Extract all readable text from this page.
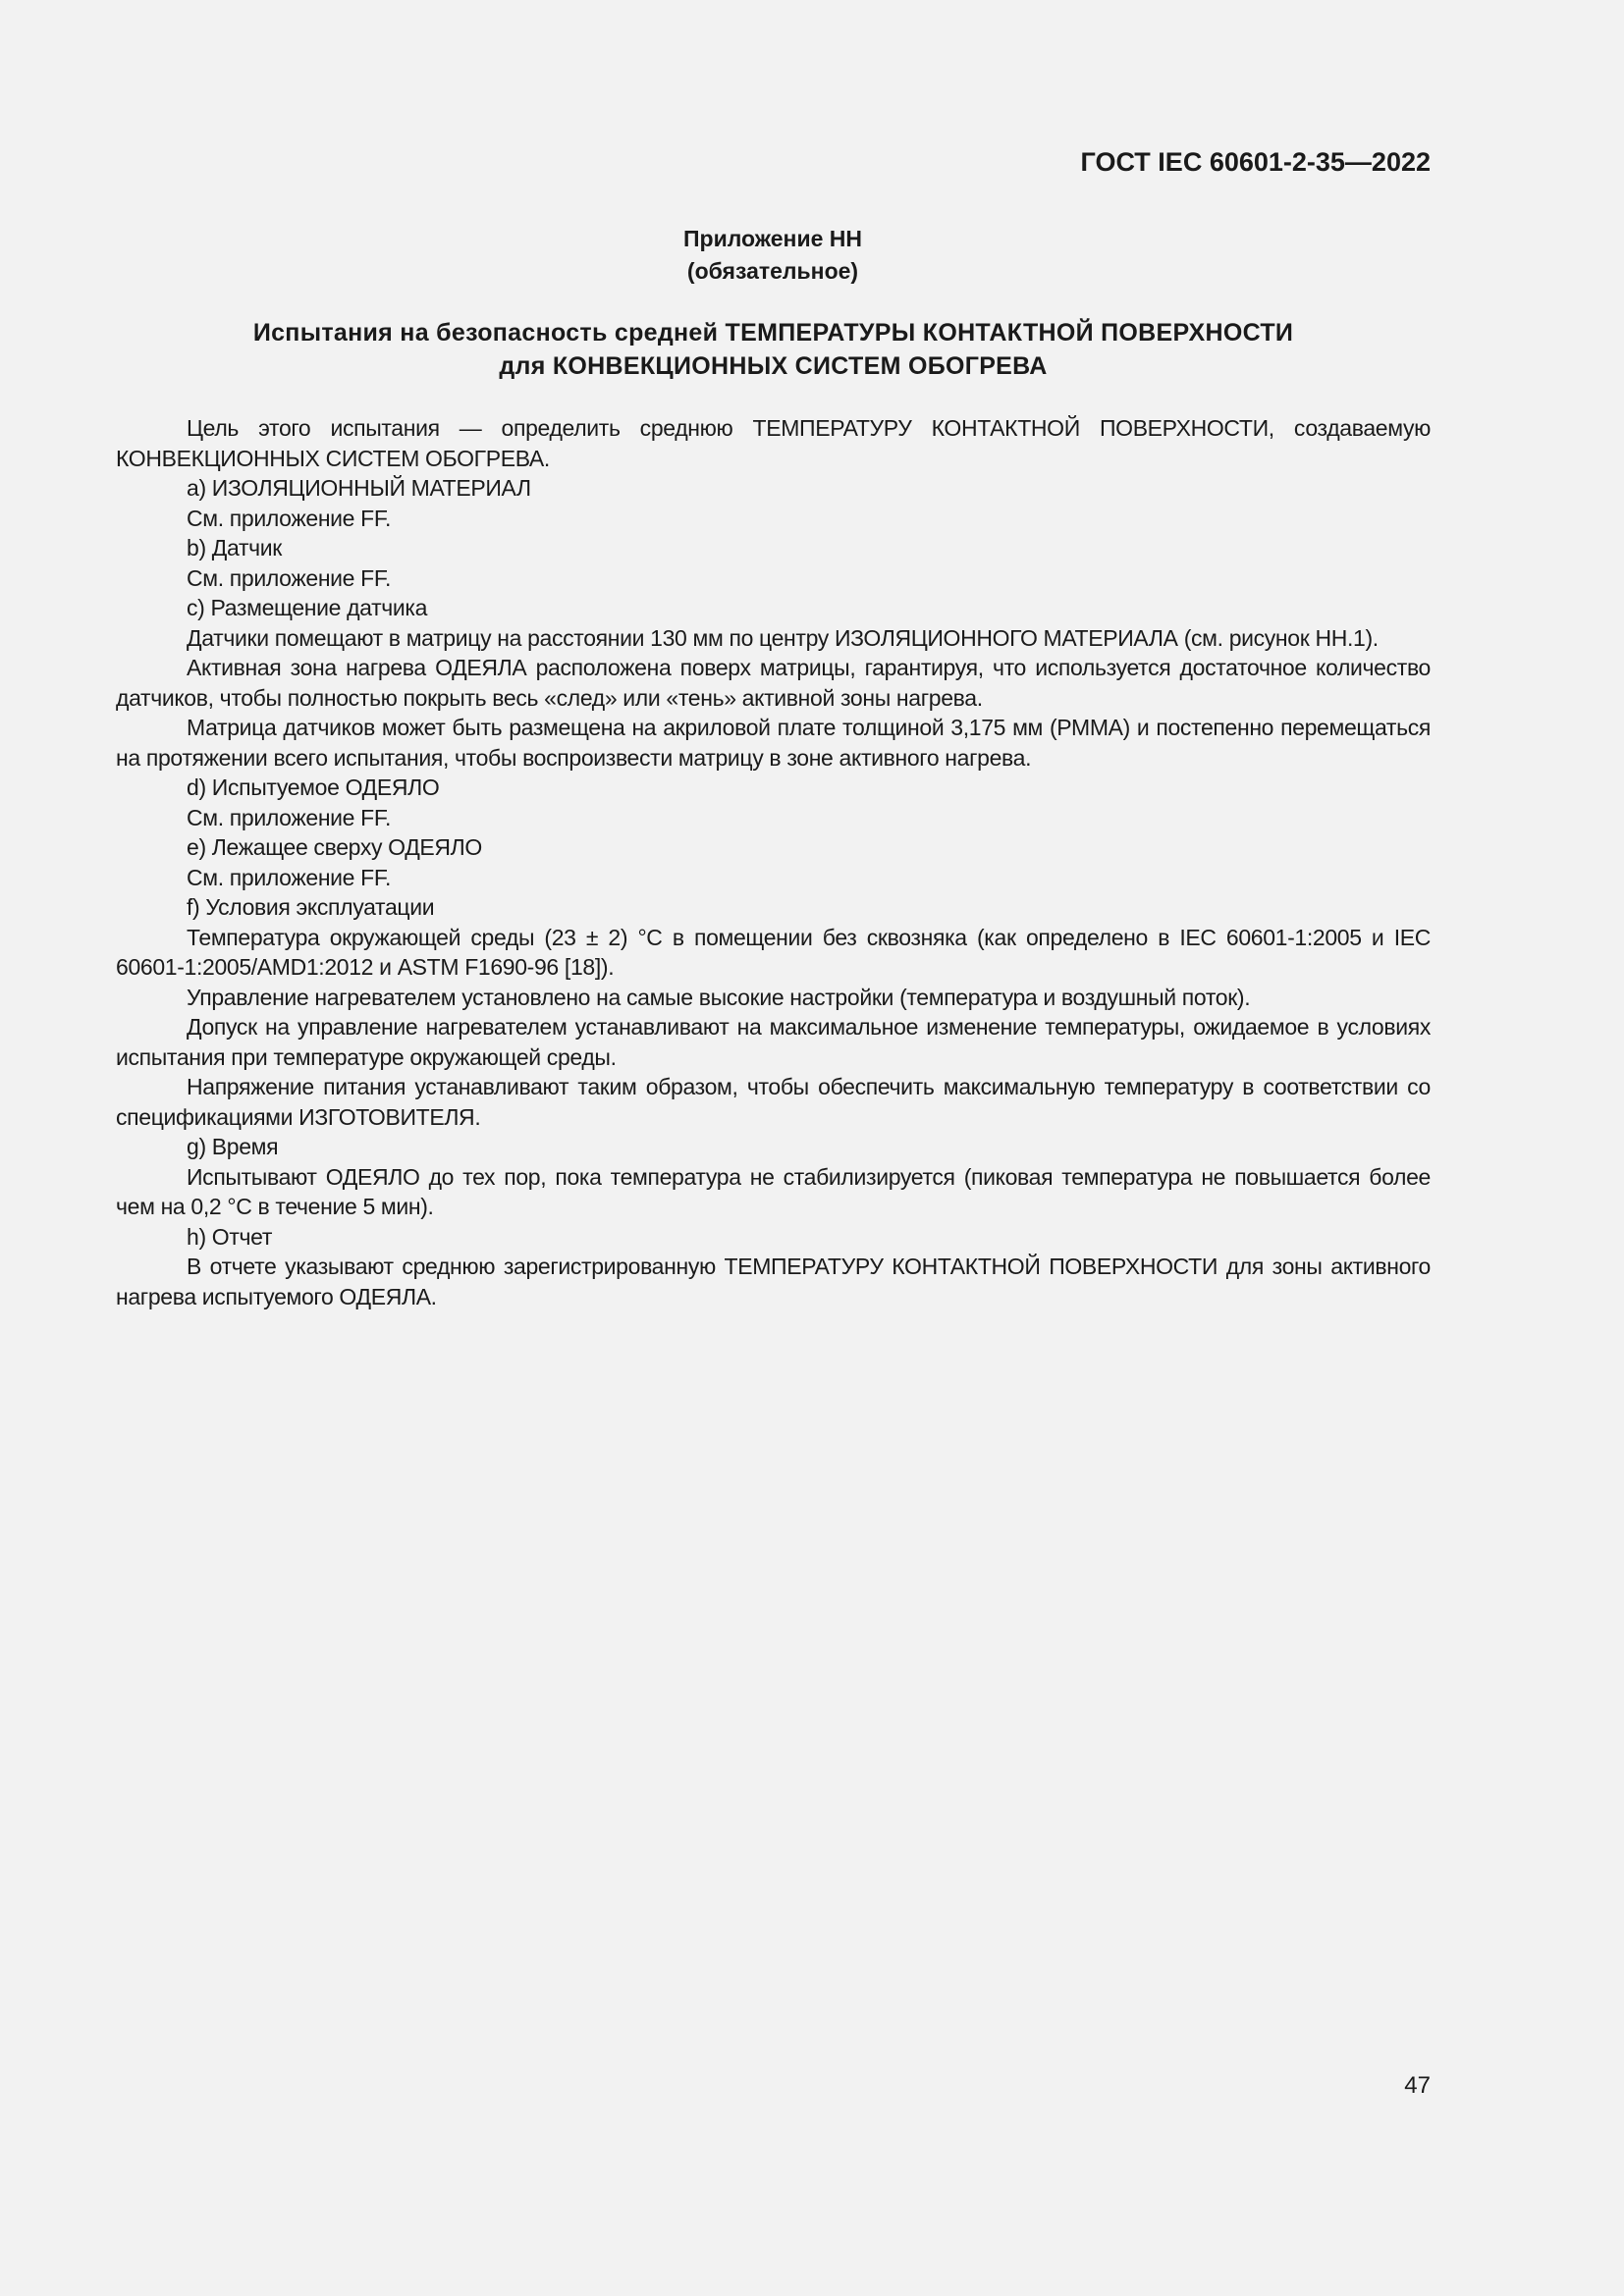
ГОСТ IEC 60601-2-35—2022
Приложение НН
(обязательное)
Испытания на безопасность средней ТЕМПЕРАТУРЫ КОНТАКТНОЙ ПОВЕРХНОСТИ
для КОНВЕКЦИОННЫХ СИСТЕМ ОБОГРЕВА

Цель этого испытания — определить среднюю ТЕМПЕРАТУРУ КОНТАКТНОЙ ПОВЕРХНОСТИ, создаваемую КОНВЕКЦИОННЫХ СИСТЕМ ОБОГРЕВА.

a) ИЗОЛЯЦИОННЫЙ МАТЕРИАЛ

См. приложение FF.

b) Датчик

См. приложение FF.

c) Размещение датчика

Датчики помещают в матрицу на расстоянии 130 мм по центру ИЗОЛЯЦИОННОГО МАТЕРИАЛА (см. рисунок НН.1).

Активная зона нагрева ОДЕЯЛА расположена поверх матрицы, гарантируя, что используется достаточное количество датчиков, чтобы полностью покрыть весь «след» или «тень» активной зоны нагрева.

Матрица датчиков может быть размещена на акриловой плате толщиной 3,175 мм (РММА) и постепенно перемещаться на протяжении всего испытания, чтобы воспроизвести матрицу в зоне активного нагрева.

d) Испытуемое ОДЕЯЛО

См. приложение FF.

e) Лежащее сверху ОДЕЯЛО

См. приложение FF.

f) Условия эксплуатации

Температура окружающей среды (23 ± 2) °С в помещении без сквозняка (как определено в IEC 60601-1:2005 и IEC 60601-1:2005/AMD1:2012 и ASTM F1690-96 [18]).

Управление нагревателем установлено на самые высокие настройки (температура и воздушный поток).

Допуск на управление нагревателем устанавливают на максимальное изменение температуры, ожидаемое в условиях испытания при температуре окружающей среды.

Напряжение питания устанавливают таким образом, чтобы обеспечить максимальную температуру в соответствии со спецификациями ИЗГОТОВИТЕЛЯ.

g) Время

Испытывают ОДЕЯЛО до тех пор, пока температура не стабилизируется (пиковая температура не повышается более чем на 0,2 °С в течение 5 мин).

h) Отчет

В отчете указывают среднюю зарегистрированную ТЕМПЕРАТУРУ КОНТАКТНОЙ ПОВЕРХНОСТИ для зоны активного нагрева испытуемого ОДЕЯЛА.

47
